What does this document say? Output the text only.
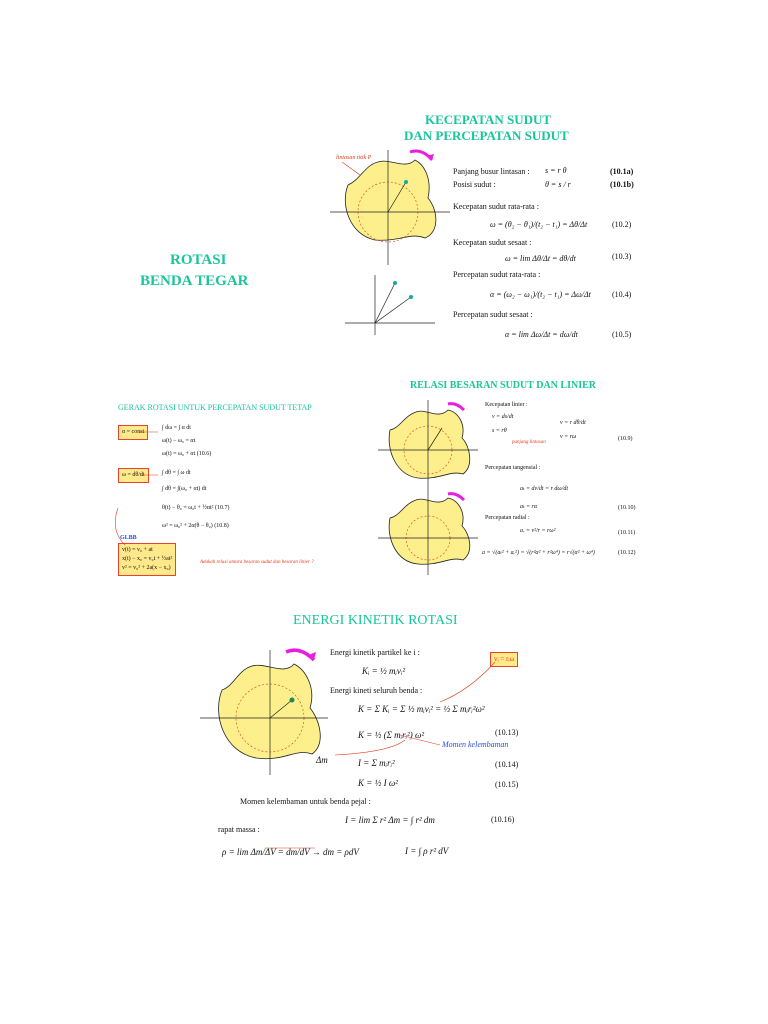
KECEPATAN SUDUT
DAN PERCEPATAN SUDUT
ROTASI
BENDA TEGAR
lintasan titik P
Panjang busur lintasan : s = r θ	(10.1a)
Posisi sudut :	θ = s / r	(10.1b)
Kecepatan sudut rata-rata :
ω = (θ₂ − θ₁)/(t₂ − t₁) = Δθ/Δt	(10.2)
Kecepatan sudut sesaat :
ω = lim Δθ/Δt = dθ/dt	(10.3)
Percepatan sudut rata-rata :
α = (ω₂ − ω₁)/(t₂ − t₁) = Δω/Δt	(10.4)
Percepatan sudut sesaat :
α = lim Δω/Δt = dω/dt	(10.5)
GERAK ROTASI UNTUK PERCEPATAN SUDUT TETAP
RELASI BESARAN SUDUT DAN LINIER
α = const
ω = dθ/dt
∫ dω = ∫ α dt
ω(t) − ω₀ = αt
ω(t) = ω₀ + αt (10.6)
∫ dθ = ∫ ω dt
∫ dθ = ∫(ω₀ + αt) dt
θ(t) − θ₀ = ω₀t + ½αt² (10.7)
ω² = ω₀² + 2α(θ − θ₀) (10.8)
GLBB
v(t) = v₀ + at
x(t) − x₀ = v₀t + ½at²
v² = v₀² + 2a(x − x₀)
Adakah relasi antara besaran sudut dan besaran linier ?
Kecepatan linier :
v = ds/dt
s = rθ
v = r dθ/dt
v = rω	(10.9)
panjang lintasan
Percepatan tangensial :
aₜ = dv/dt = r dω/dt
aₜ = rα	(10.10)
Percepatan radial :
aᵣ = v²/r = rω²	(10.11)
a = √(aₜ² + aᵣ²) = √(r²α² + r²ω⁴) = r√(α² + ω⁴)	(10.12)
ENERGI KINETIK ROTASI
Δm
Energi kinetik partikel ke i :
Kᵢ = ½ mᵢvᵢ²
vᵢ = rᵢω
Energi kineti seluruh benda :
K = Σ Kᵢ = Σ ½ mᵢvᵢ² = ½ Σ mᵢrᵢ²ω²
K = ½ (Σ mᵢrᵢ²) ω²	(10.13)
Momen kelembaman
I = Σ mᵢrᵢ²	(10.14)
K = ½ I ω²	(10.15)
Momen kelembaman untuk benda pejal :
I = lim Σ r² Δm = ∫ r² dm	(10.16)
rapat massa :
ρ = lim Δm/ΔV = dm/dV → dm = ρdV	I = ∫ ρ r² dV
